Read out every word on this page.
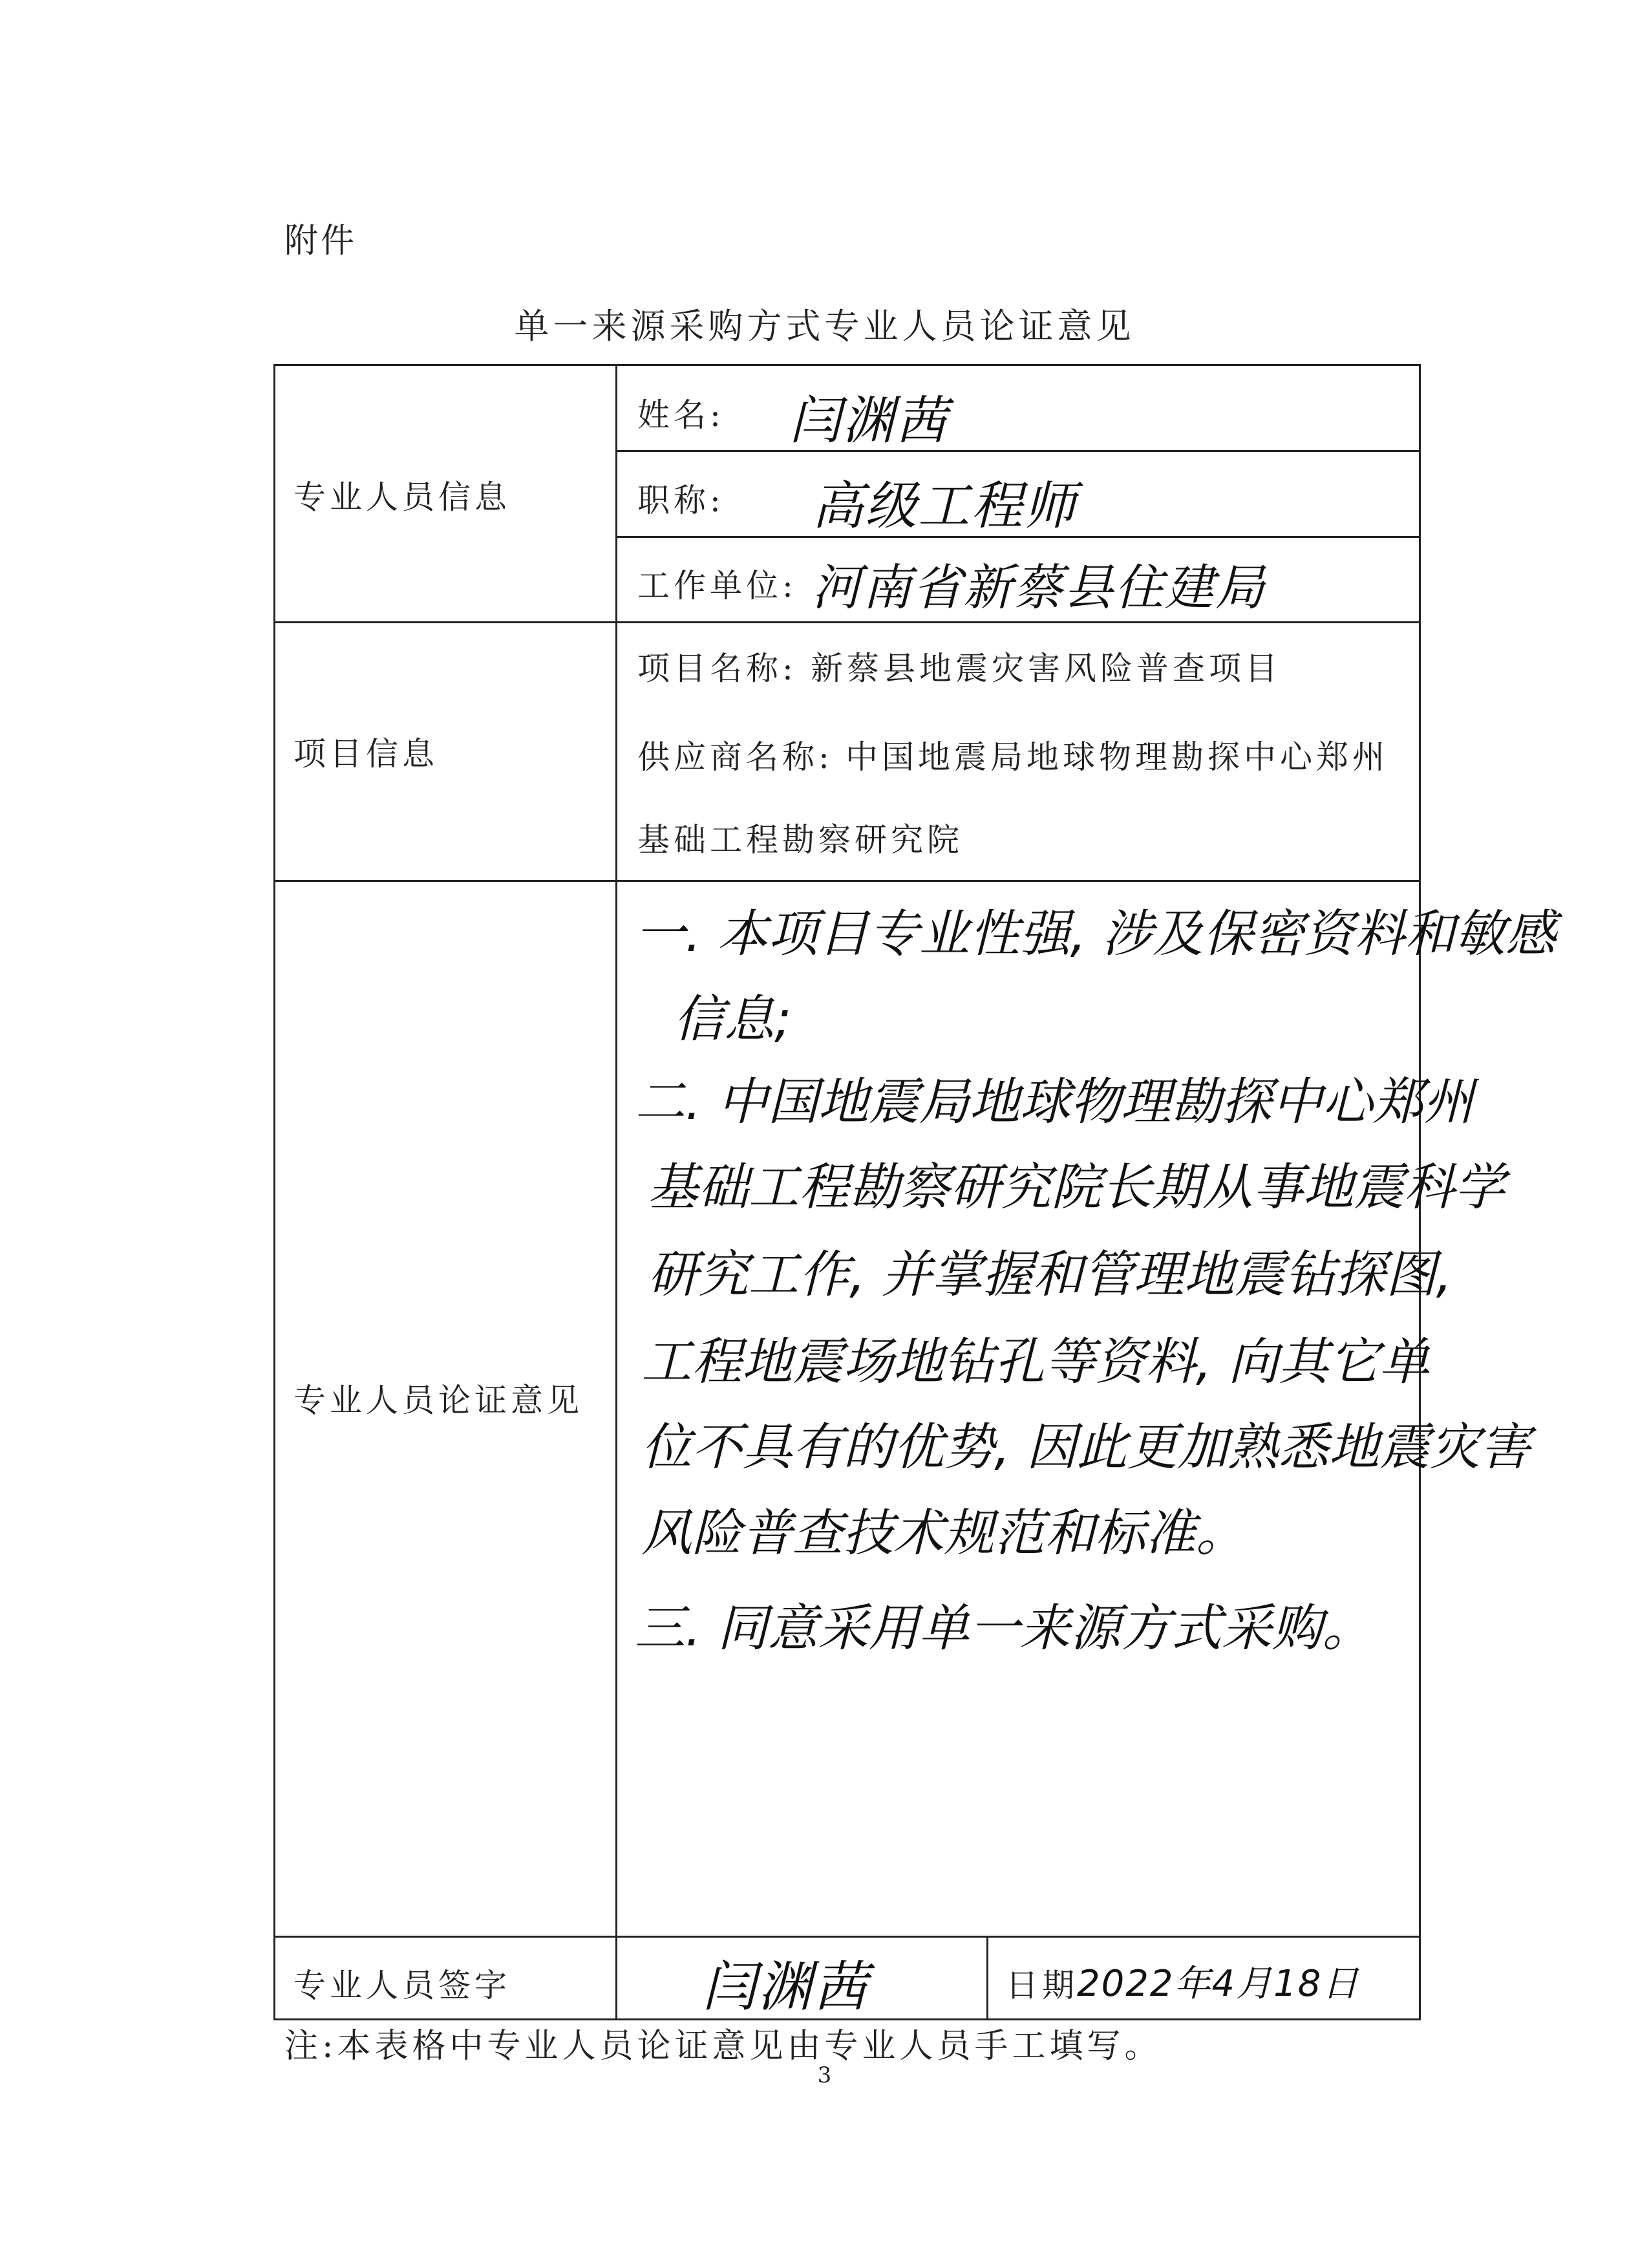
附件
单一来源采购方式专业人员论证意见
专业人员信息
项目信息
专业人员论证意见
专业人员签字
姓名: 闫渊茜
职称: 高级工程师
工作单位: 河南省新蔡县住建局
项目名称: 新蔡县地震灾害风险普查项目
供应商名称: 中国地震局地球物理勘探中心郑州
基础工程勘察研究院
一. 本项目专业性强, 涉及保密资料和敏感
信息;
二. 中国地震局地球物理勘探中心郑州
基础工程勘察研究院长期从事地震科学
研究工作, 并掌握和管理地震钻探图,
工程地震场地钻孔等资料, 向其它单
位不具有的优势, 因此更加熟悉地震灾害
风险普查技术规范和标准。
三. 同意采用单一来源方式采购。
闫渊茜	日期
2022年4月18日
注:本表格中专业人员论证意见由专业人员手工填写。
3
